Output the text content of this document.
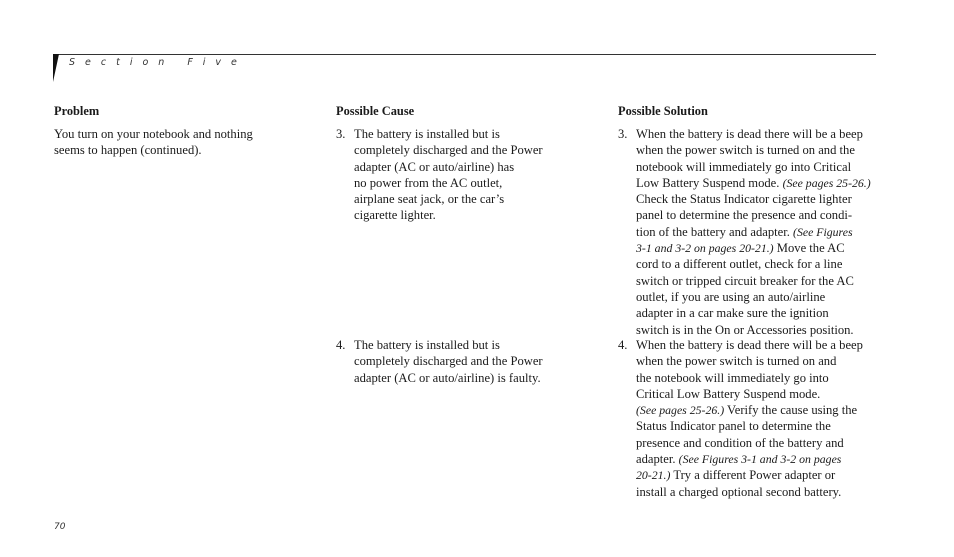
Section Five
Problem	Possible Cause	Possible Solution
You turn on your notebook and nothing
seems to happen (continued).
3. The battery is installed but is
completely discharged and the Power
adapter (AC or auto/airline) has
no power from the AC outlet,
airplane seat jack, or the car’s
cigarette lighter.
3. When the battery is dead there will be a beep
when the power switch is turned on and the
notebook will immediately go into Critical
Low Battery Suspend mode. (See pages 25-26.)
Check the Status Indicator cigarette lighter
panel to determine the presence and condi-
tion of the battery and adapter. (See Figures
3-1 and 3-2 on pages 20-21.) Move the AC
cord to a different outlet, check for a line
switch or tripped circuit breaker for the AC
outlet, if you are using an auto/airline
adapter in a car make sure the ignition
switch is in the On or Accessories position.
4. The battery is installed but is
completely discharged and the Power
adapter (AC or auto/airline) is faulty.
4. When the battery is dead there will be a beep
when the power switch is turned on and
the notebook will immediately go into
Critical Low Battery Suspend mode.
(See pages 25-26.) Verify the cause using the
Status Indicator panel to determine the
presence and condition of the battery and
adapter. (See Figures 3-1 and 3-2 on pages
20-21.) Try a different Power adapter or
install a charged optional second battery.
70
